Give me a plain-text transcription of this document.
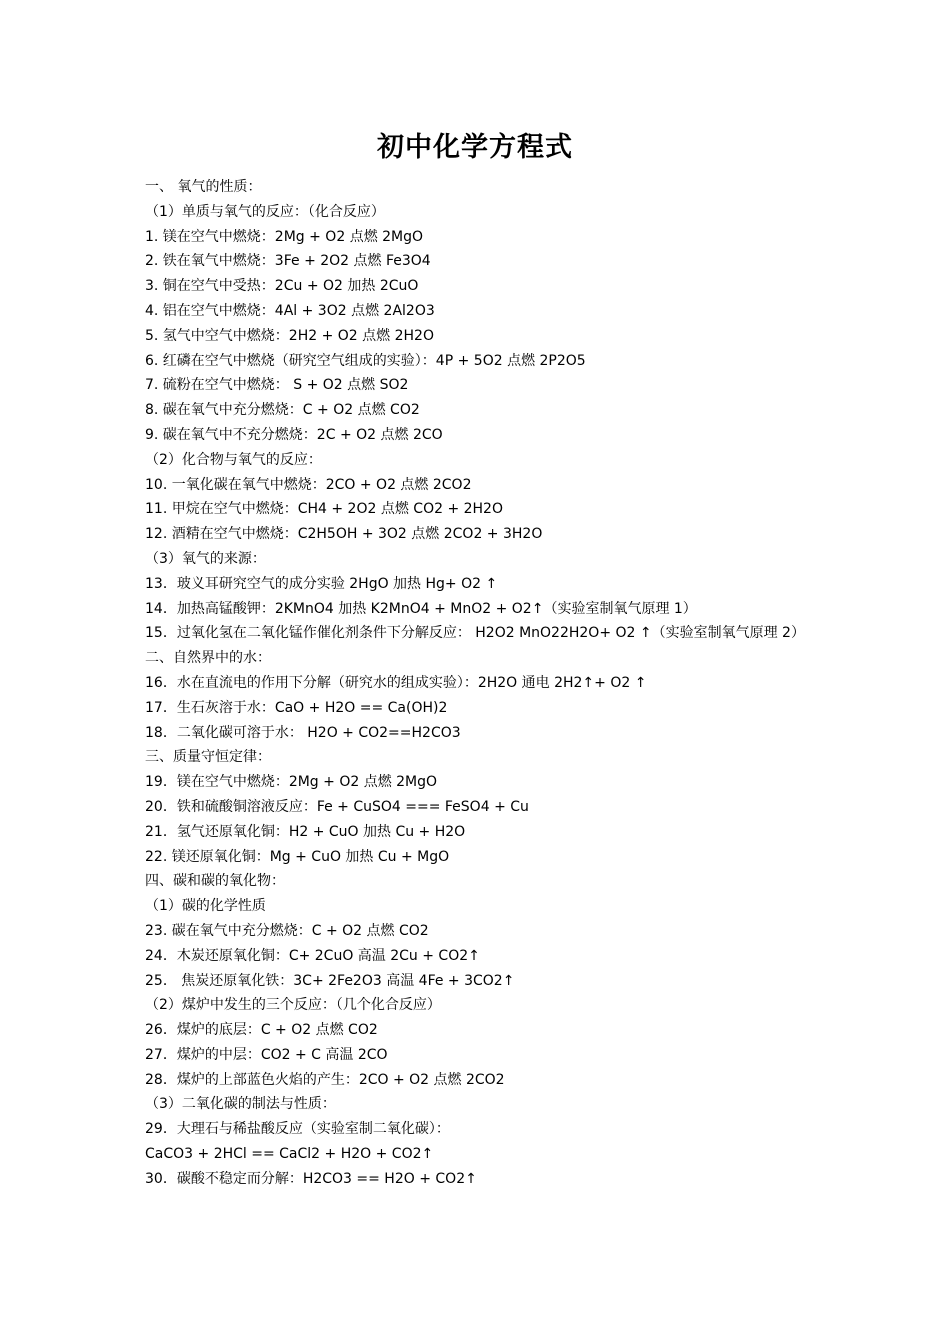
初中化学方程式
一、 氧气的性质：
（1）单质与氧气的反应：（化合反应）
1. 镁在空气中燃烧：2Mg + O2 点燃 2MgO
2. 铁在氧气中燃烧：3Fe + 2O2 点燃 Fe3O4
3. 铜在空气中受热：2Cu + O2 加热 2CuO
4. 铝在空气中燃烧：4Al + 3O2 点燃 2Al2O3
5. 氢气中空气中燃烧：2H2 + O2 点燃 2H2O
6. 红磷在空气中燃烧（研究空气组成的实验）：4P + 5O2 点燃 2P2O5
7. 硫粉在空气中燃烧： S + O2 点燃 SO2
8. 碳在氧气中充分燃烧：C + O2 点燃 CO2
9. 碳在氧气中不充分燃烧：2C + O2 点燃 2CO
（2）化合物与氧气的反应：
10. 一氧化碳在氧气中燃烧：2CO + O2 点燃 2CO2
11. 甲烷在空气中燃烧：CH4 + 2O2 点燃 CO2 + 2H2O
12. 酒精在空气中燃烧：C2H5OH + 3O2 点燃 2CO2 + 3H2O
（3）氧气的来源：
13．玻义耳研究空气的成分实验 2HgO 加热 Hg+ O2 ↑
14．加热高锰酸钾：2KMnO4 加热 K2MnO4 + MnO2 + O2↑（实验室制氧气原理 1）
15．过氧化氢在二氧化锰作催化剂条件下分解反应： H2O2 MnO22H2O+ O2 ↑（实验室制氧气原理 2）
二、自然界中的水：
16．水在直流电的作用下分解（研究水的组成实验）：2H2O 通电 2H2↑+ O2 ↑
17．生石灰溶于水：CaO + H2O == Ca(OH)2
18．二氧化碳可溶于水： H2O + CO2==H2CO3
三、质量守恒定律：
19．镁在空气中燃烧：2Mg + O2 点燃 2MgO
20．铁和硫酸铜溶液反应：Fe + CuSO4 === FeSO4 + Cu
21．氢气还原氧化铜：H2 + CuO 加热 Cu + H2O
22. 镁还原氧化铜：Mg + CuO 加热 Cu + MgO
四、碳和碳的氧化物：
（1）碳的化学性质
23. 碳在氧气中充分燃烧：C + O2 点燃 CO2
24．木炭还原氧化铜：C+ 2CuO 高温 2Cu + CO2↑
25． 焦炭还原氧化铁：3C+ 2Fe2O3 高温 4Fe + 3CO2↑
（2）煤炉中发生的三个反应：（几个化合反应）
26．煤炉的底层：C + O2 点燃 CO2
27．煤炉的中层：CO2 + C 高温 2CO
28．煤炉的上部蓝色火焰的产生：2CO + O2 点燃 2CO2
（3）二氧化碳的制法与性质：
29．大理石与稀盐酸反应（实验室制二氧化碳）：
CaCO3 + 2HCl == CaCl2 + H2O + CO2↑
30．碳酸不稳定而分解：H2CO3 == H2O + CO2↑
